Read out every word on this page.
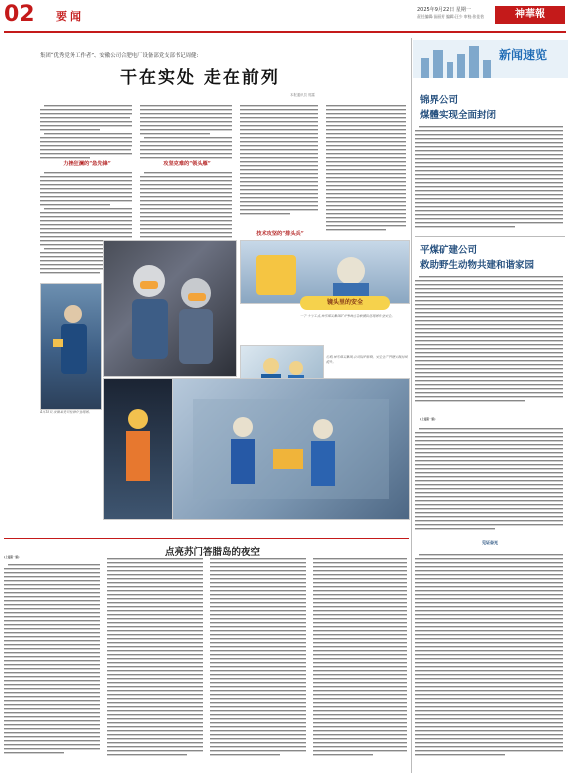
02 要闻	2025年9月22日 星期一
责任编辑:苗丽芳 编辑:汪少 审校:张佳怡	神華報
集团“优秀党务工作者”、安徽公司合肥电厂设备部党支部书记周健:
干在实处 走在前列
本报通讯员 郭露
力挫狂澜的“急先锋”	攻坚克难的“领头雁”
技术攻坚的“排头兵”
4月15日,安徽某党员检修作业现场。
镜头里的安全
一丁·十字工点,神东煤炭集团矿井事故应急救援队伍现场作业安全。
近期,神东煤炭集团,公司锅炉新制、安全生产管理实践持续提升。
点亮苏门答腊岛的夜空
(上接第一版)
新闻速览
锦界公司
煤體实现全面封闭
平煤矿建公司
救助野生动物共建和谐家园
(上接第一版)
见证奋光
